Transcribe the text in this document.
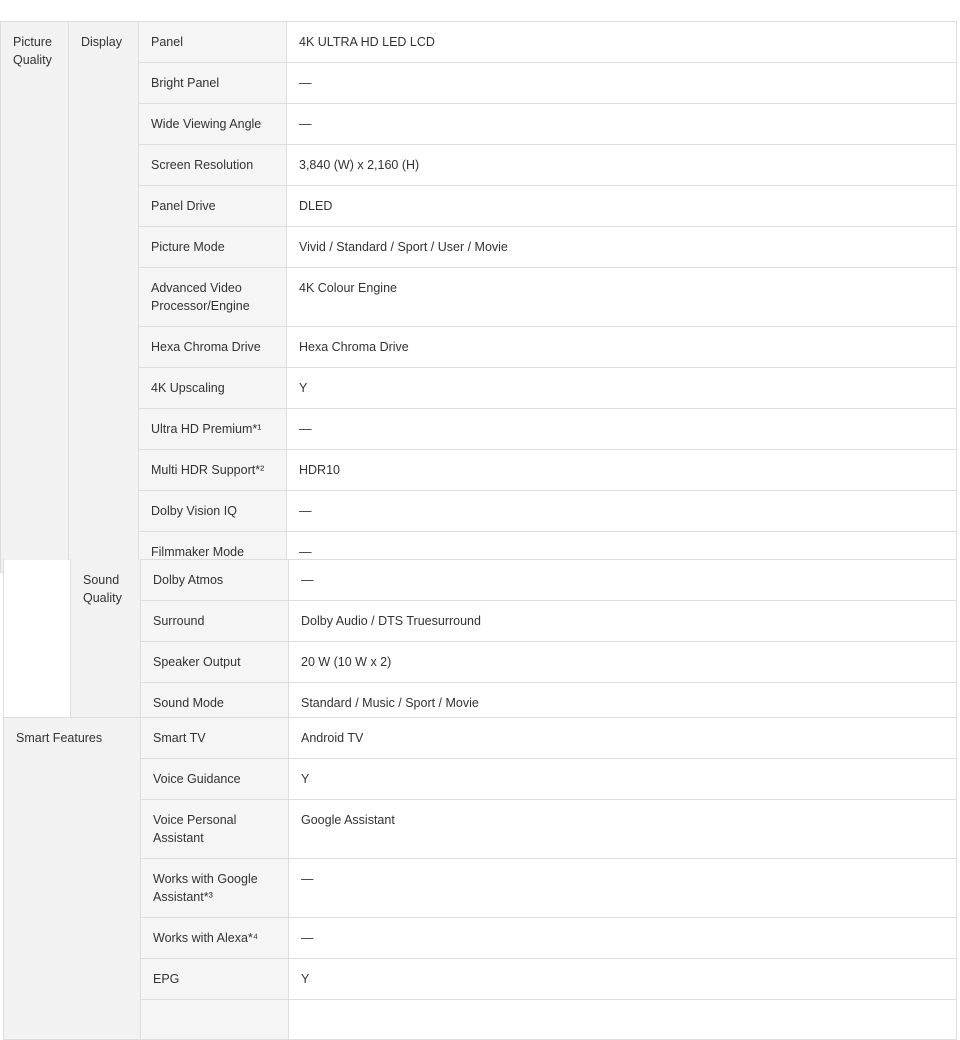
Picture Quality	Display	Panel	4K ULTRA HD LED LCD
		Bright Panel	—
		Wide Viewing Angle	—
		Screen Resolution	3,840 (W) x 2,160 (H)
		Panel Drive	DLED
		Picture Mode	Vivid / Standard / Sport / User / Movie
		Advanced Video Processor/Engine	4K Colour Engine
		Hexa Chroma Drive	Hexa Chroma Drive
		4K Upscaling	Y
		Ultra HD Premium*¹	—
		Multi HDR Support*²	HDR10
		Dolby Vision IQ	—
		Filmmaker Mode	—
	Sound Quality	Dolby Atmos	—
		Surround	Dolby Audio / DTS Truesurround
		Speaker Output	20 W (10 W x 2)
		Sound Mode	Standard / Music / Sport / Movie
Smart Features	Smart TV	Android TV
	Voice Guidance	Y
	Voice Personal Assistant	Google Assistant
	Works with Google Assistant*³	—
	Works with Alexa*⁴	—
	EPG	Y
